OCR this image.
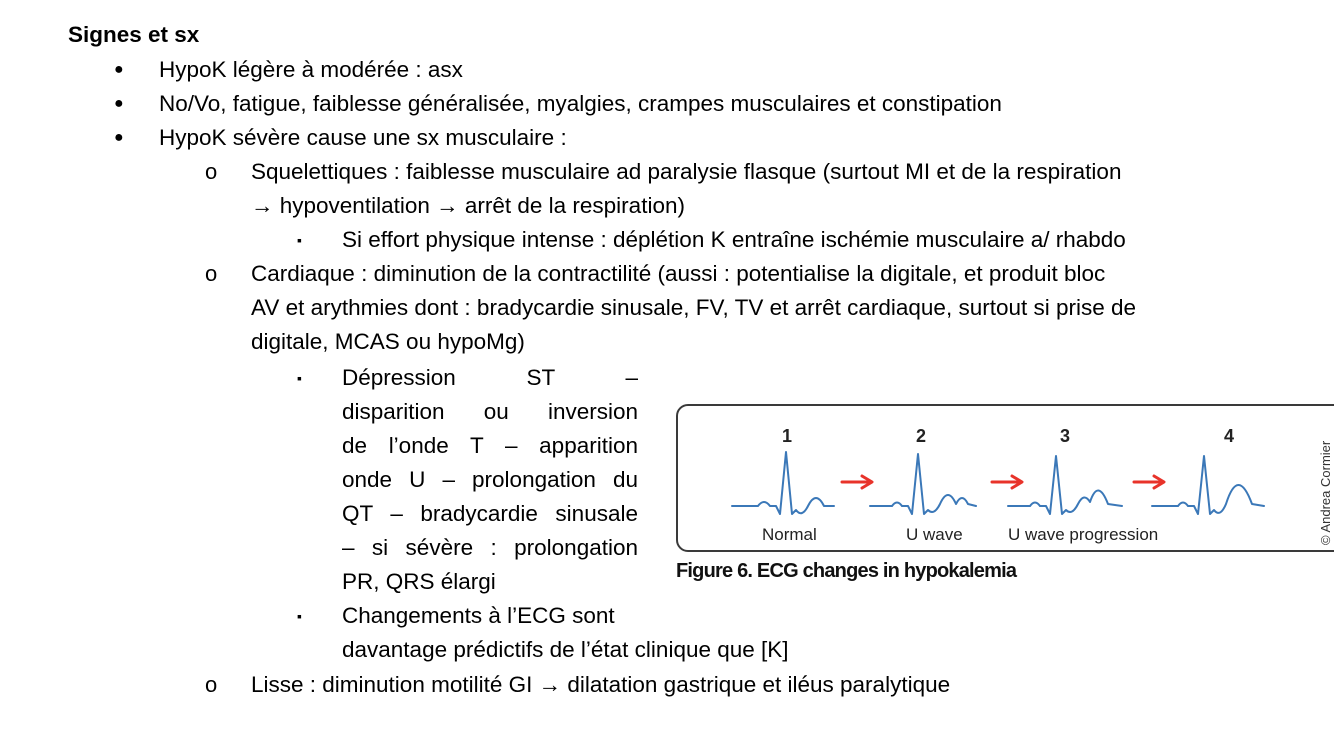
Signes et sx
● HypoK légère à modérée : asx
● No/Vo, fatigue, faiblesse généralisée, myalgies, crampes musculaires et constipation
● HypoK sévère cause une sx musculaire :
o Squelettiques : faiblesse musculaire ad paralysie flasque (surtout MI et de la respiration
→ hypoventilation → arrêt de la respiration)
▪ Si effort physique intense : déplétion K entraîne ischémie musculaire a/ rhabdo
o Cardiaque : diminution de la contractilité (aussi : potentialise la digitale, et produit bloc
AV et arythmies dont : bradycardie sinusale, FV, TV et arrêt cardiaque, surtout si prise de
digitale, MCAS ou hypoMg)
▪ Dépression ST –
disparition ou inversion
de l’onde T – apparition
onde U – prolongation du
QT – bradycardie sinusale
– si sévère : prolongation
PR, QRS élargi
▪ Changements à l’ECG sont
davantage prédictifs de l’état clinique que [K]
o Lisse : diminution motilité GI → dilatation gastrique et iléus paralytique
1	2	3	4
Normal	U wave	U wave progression	© Andrea Cormier
Figure 6. ECG changes in hypokalemia
